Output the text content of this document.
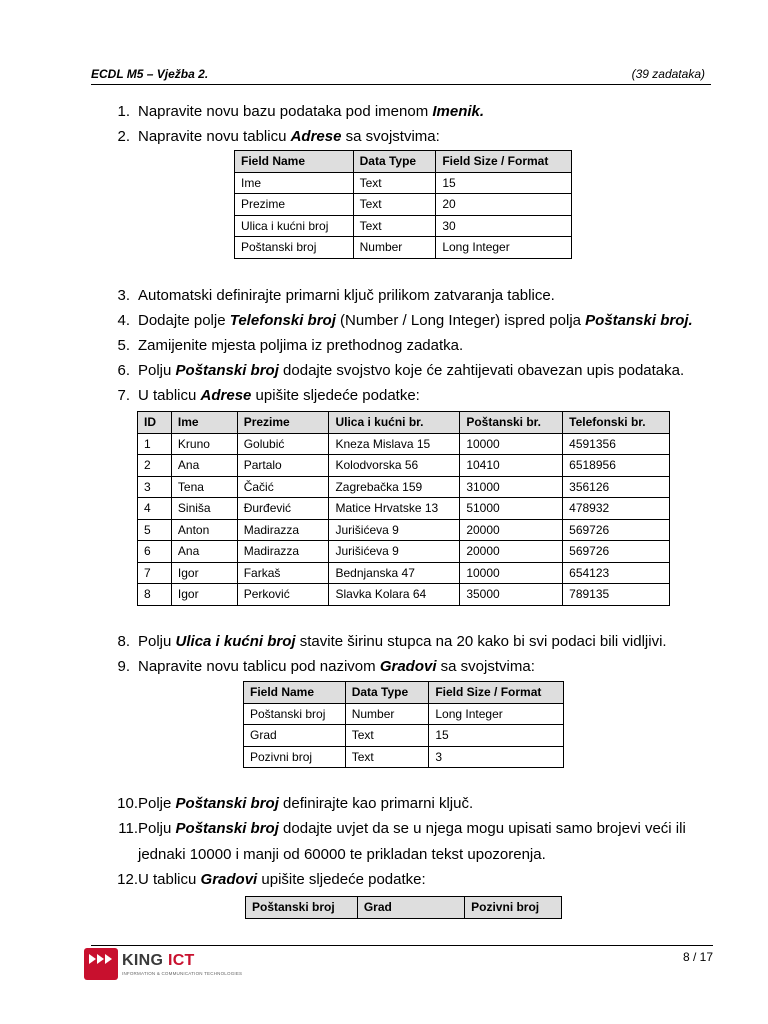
ECDL M5 – Vježba 2.	(39 zadataka)
1. Napravite novu bazu podataka pod imenom Imenik.
2. Napravite novu tablicu Adrese sa svojstvima:
Field Name	Data Type	Field Size / Format
Ime	Text	15
Prezime	Text	20
Ulica i kućni broj	Text	30
Poštanski broj	Number	Long Integer
3. Automatski definirajte primarni ključ prilikom zatvaranja tablice.
4. Dodajte polje Telefonski broj (Number / Long Integer) ispred polja Poštanski broj.
5. Zamijenite mjesta poljima iz prethodnog zadatka.
6. Polju Poštanski broj dodajte svojstvo koje će zahtijevati obavezan upis podataka.
7. U tablicu Adrese upišite sljedeće podatke:
ID	Ime	Prezime	Ulica i kućni br.	Poštanski br.	Telefonski br.
1	Kruno	Golubić	Kneza Mislava 15	10000	4591356
2	Ana	Partalo	Kolodvorska 56	10410	6518956
3	Tena	Čačić	Zagrebačka 159	31000	356126
4	Siniša	Đurđević	Matice Hrvatske 13	51000	478932
5	Anton	Madirazza	Jurišićeva 9	20000	569726
6	Ana	Madirazza	Jurišićeva 9	20000	569726
7	Igor	Farkaš	Bednjanska 47	10000	654123
8	Igor	Perković	Slavka Kolara 64	35000	789135
8. Polju Ulica i kućni broj stavite širinu stupca na 20 kako bi svi podaci bili vidljivi.
9. Napravite novu tablicu pod nazivom Gradovi sa svojstvima:
Field Name	Data Type	Field Size / Format
Poštanski broj	Number	Long Integer
Grad	Text	15
Pozivni broj	Text	3
10. Polje Poštanski broj definirajte kao primarni ključ.
11. Polju Poštanski broj dodajte uvjet da se u njega mogu upisati samo brojevi veći ili
jednaki 10000 i manji od 60000 te prikladan tekst upozorenja.
12. U tablicu Gradovi upišite sljedeće podatke:
Poštanski broj	Grad	Pozivni broj
KING ICT
INFORMATION & COMMUNICATION TECHNOLOGIES
8 / 17
